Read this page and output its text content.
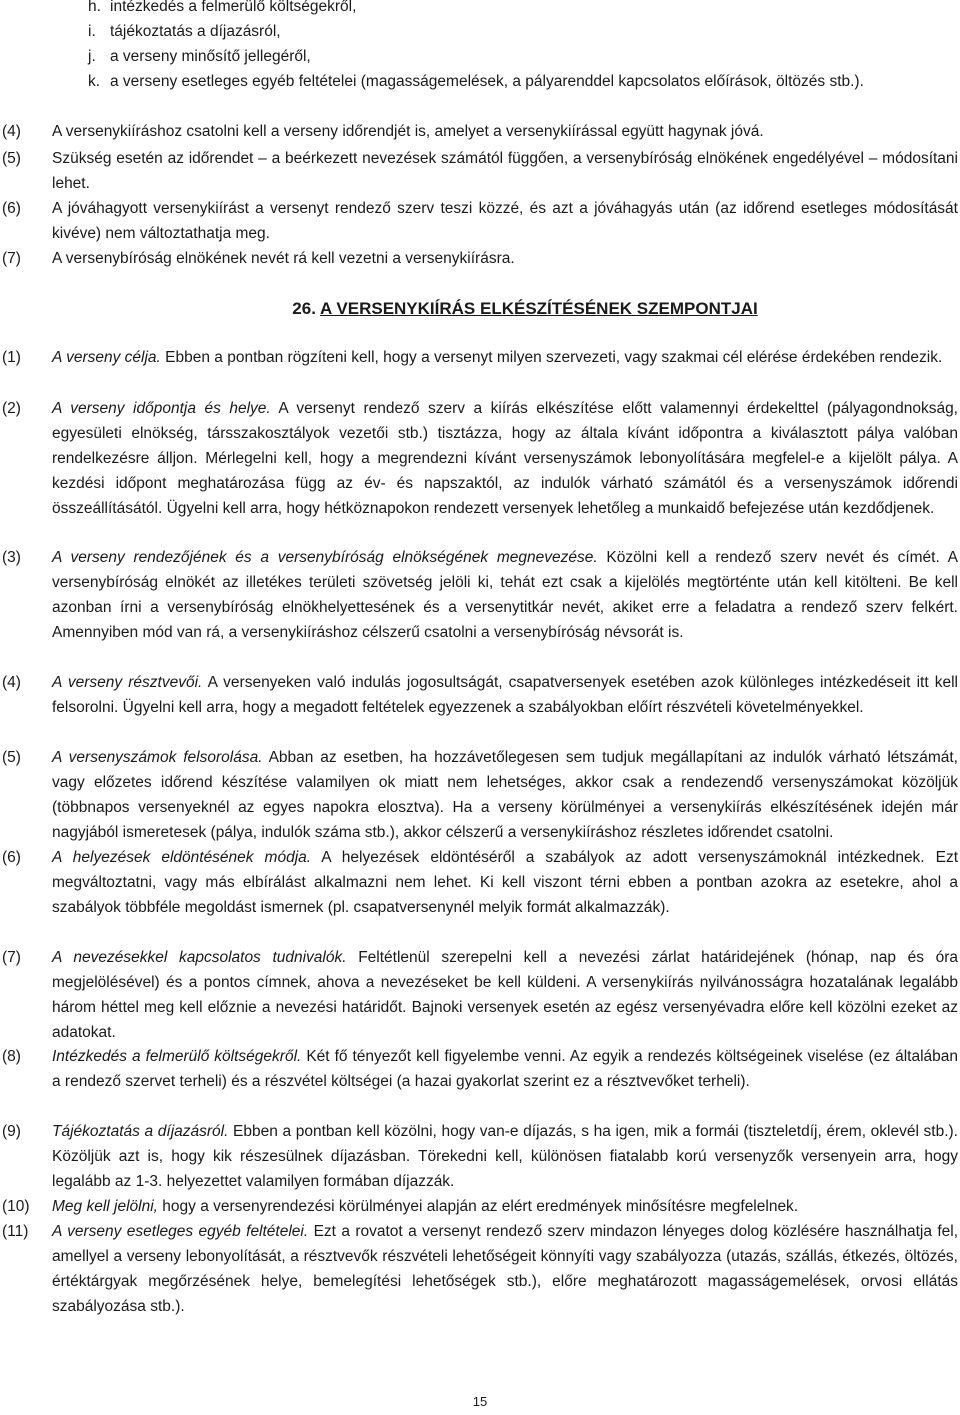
h. intézkedés a felmerülő költségekről,
i. tájékoztatás a díjazásról,
j. a verseny minősítő jellegéről,
k. a verseny esetleges egyéb feltételei (magasságemelések, a pályarenddel kapcsolatos előírások, öltözés stb.).
(4) A versenykiíráshoz csatolni kell a verseny időrendjét is, amelyet a versenykiírással együtt hagynak jóvá.
(5) Szükség esetén az időrendet – a beérkezett nevezések számától függően, a versenybíróság elnökének engedélyével – módosítani lehet.
(6) A jóváhagyott versenykiírást a versenyt rendező szerv teszi közzé, és azt a jóváhagyás után (az időrend esetleges módosítását kivéve) nem változtathatja meg.
(7) A versenybíróság elnökének nevét rá kell vezetni a versenykiírásra.
26. A VERSENYKIÍRÁS ELKÉSZÍTÉSÉNEK SZEMPONTJAI
(1) A verseny célja. Ebben a pontban rögzíteni kell, hogy a versenyt milyen szervezeti, vagy szakmai cél elérése érdekében rendezik.
(2) A verseny időpontja és helye. A versenyt rendező szerv a kiírás elkészítése előtt valamennyi érdekelttel (pályagondnokság, egyesületi elnökség, társszakosztályok vezetői stb.) tisztázza, hogy az általa kívánt időpontra a kiválasztott pálya valóban rendelkezésre álljon. Mérlegelni kell, hogy a megrendezni kívánt versenyszámok lebonyolítására megfelel-e a kijelölt pálya. A kezdési időpont meghatározása függ az év- és napszaktól, az indulók várható számától és a versenyszámok időrendi összeállításától. Ügyelni kell arra, hogy hétköznapokon rendezett versenyek lehetőleg a munkaidő befejezése után kezdődjenek.
(3) A verseny rendezőjének és a versenybíróság elnökségének megnevezése. Közölni kell a rendező szerv nevét és címét. A versenybíróság elnökét az illetékes területi szövetség jelöli ki, tehát ezt csak a kijelölés megtörténte után kell kitölteni. Be kell azonban írni a versenybíróság elnökhelyettesének és a versenytitkár nevét, akiket erre a feladatra a rendező szerv felkért. Amennyiben mód van rá, a versenykiíráshoz célszerű csatolni a versenybíróság névsorát is.
(4) A verseny résztvevői. A versenyeken való indulás jogosultságát, csapatversenyek esetében azok különleges intézkedéseit itt kell felsorolni. Ügyelni kell arra, hogy a megadott feltételek egyezzenek a szabályokban előírt részvételi követelményekkel.
(5) A versenyszámok felsorolása. Abban az esetben, ha hozzávetőlegesen sem tudjuk megállapítani az indulók várható létszámát, vagy előzetes időrend készítése valamilyen ok miatt nem lehetséges, akkor csak a rendezendő versenyszámokat közöljük (többnapos versenyeknél az egyes napokra elosztva). Ha a verseny körülményei a versenykiírás elkészítésének idején már nagyjából ismeretesek (pálya, indulók száma stb.), akkor célszerű a versenykiíráshoz részletes időrendet csatolni.
(6) A helyezések eldöntésének módja. A helyezések eldöntéséről a szabályok az adott versenyszámoknál intézkednek. Ezt megváltoztatni, vagy más elbírálást alkalmazni nem lehet. Ki kell viszont térni ebben a pontban azokra az esetekre, ahol a szabályok többféle megoldást ismernek (pl. csapatversenynél melyik formát alkalmazzák).
(7) A nevezésekkel kapcsolatos tudnivalók. Feltétlenül szerepelni kell a nevezési zárlat határidejének (hónap, nap és óra megjelölésével) és a pontos címnek, ahova a nevezéseket be kell küldeni. A versenykiírás nyilvánosságra hozatalának legalább három héttel meg kell előznie a nevezési határidőt. Bajnoki versenyek esetén az egész versenyévadra előre kell közölni ezeket az adatokat.
(8) Intézkedés a felmerülő költségekről. Két fő tényezőt kell figyelembe venni. Az egyik a rendezés költségeinek viselése (ez általában a rendező szervet terheli) és a részvétel költségei (a hazai gyakorlat szerint ez a résztvevőket terheli).
(9) Tájékoztatás a díjazásról. Ebben a pontban kell közölni, hogy van-e díjazás, s ha igen, mik a formái (tiszteletdíj, érem, oklevél stb.). Közöljük azt is, hogy kik részesülnek díjazásban. Törekedni kell, különösen fiatalabb korú versenyzők versenyein arra, hogy legalább az 1-3. helyezettet valamilyen formában díjazzák.
(10) Meg kell jelölni, hogy a versenyrendezési körülményei alapján az elért eredmények minősítésre megfelelnek.
(11) A verseny esetleges egyéb feltételei. Ezt a rovatot a versenyt rendező szerv mindazon lényeges dolog közlésére használhatja fel, amellyel a verseny lebonyolítását, a résztvevők részvételi lehetőségeit könnyíti vagy szabályozza (utazás, szállás, étkezés, öltözés, értéktárgyak megőrzésének helye, bemelegítési lehetőségek stb.), előre meghatározott magasságemelések, orvosi ellátás szabályozása stb.).
15
